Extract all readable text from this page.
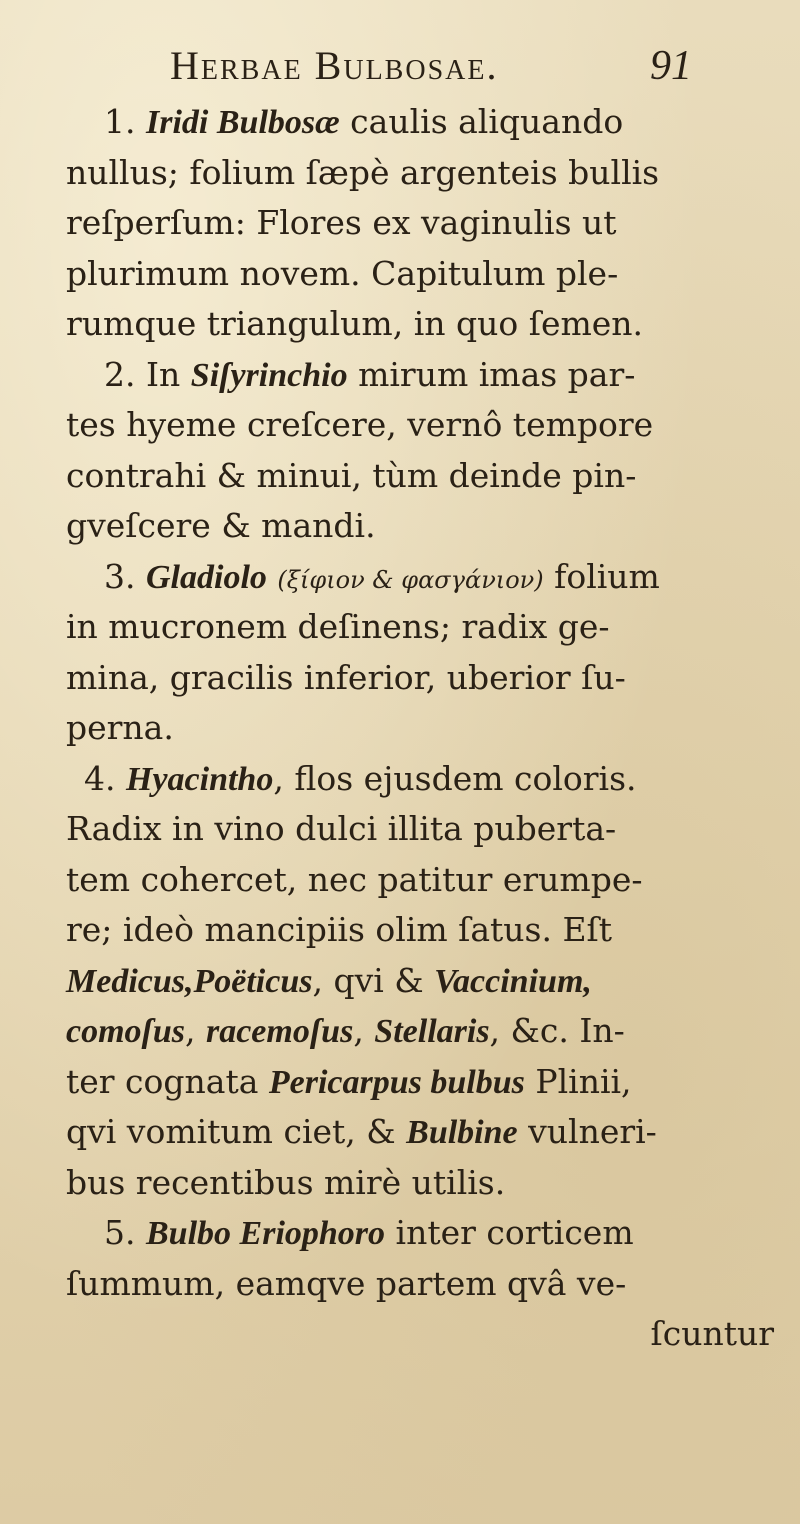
Herbae Bulbosae.	91
1. Iridi Bulbosæ caulis aliquando
nullus; folium ſæpè argenteis bullis
reſperſum: Flores ex vaginulis ut
plurimum novem. Capitulum ple-
rumque triangulum, in quo ſemen.
2. In Siſyrinchio mirum imas par-
tes hyeme creſcere, vernô tempore
contrahi & minui, tùm deinde pin-
gveſcere & mandi.
3. Gladiolo (ξίφιον & φασγάνιον) folium
in mucronem deſinens; radix ge-
mina, gracilis inferior, uberior ſu-
perna.
4. Hyacintho, flos ejusdem coloris.
Radix in vino dulci illita puberta-
tem cohercet, nec patitur erumpe-
re; ideò mancipiis olim ſatus. Eſt
Medicus,Poëticus, qvi & Vaccinium,
comoſus, racemoſus, Stellaris, &c. In-
ter cognata Pericarpus bulbus Plinii,
qvi vomitum ciet, & Bulbine vulneri-
bus recentibus mirè utilis.
5. Bulbo Eriophoro inter corticem
ſummum, eamqve partem qvâ ve-
ſcuntur
